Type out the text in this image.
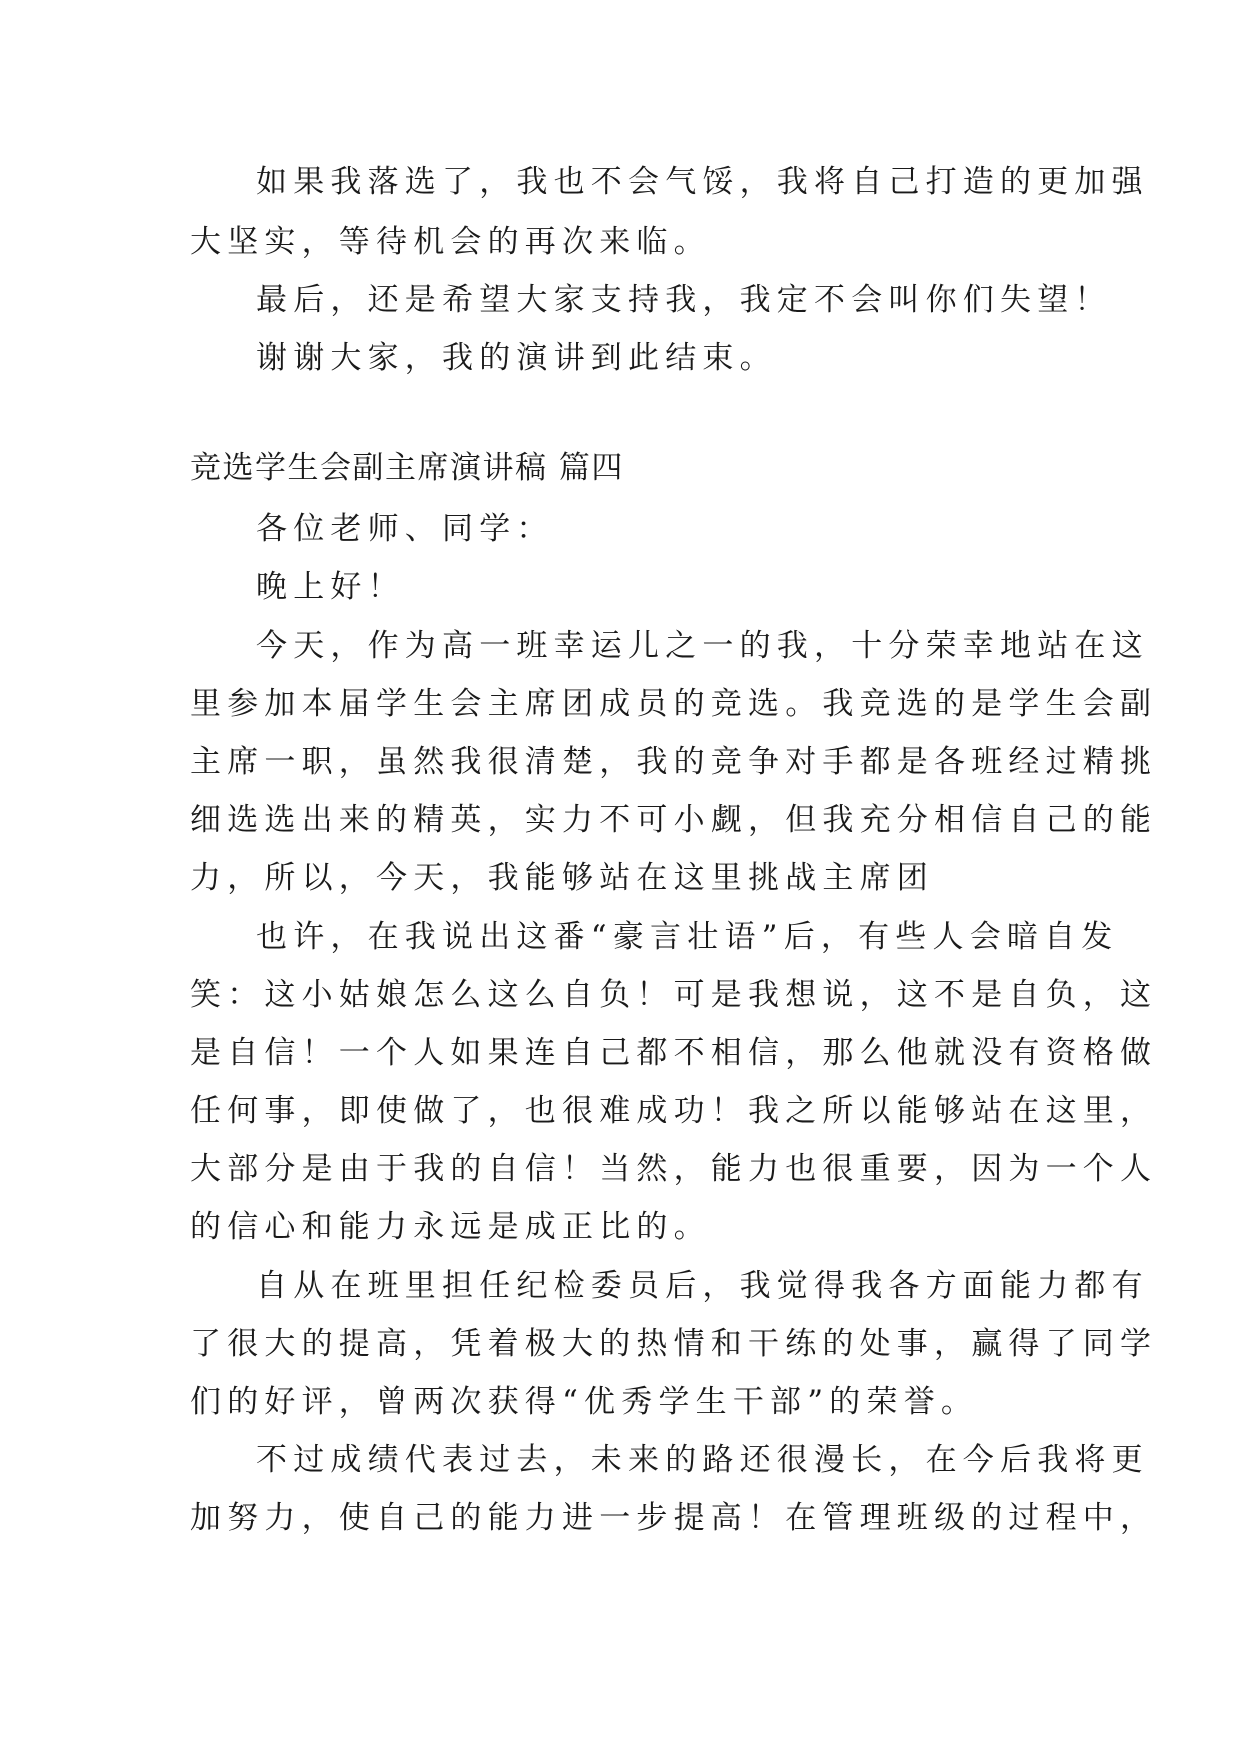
如果我落选了，我也不会气馁，我将自己打造的更加强
大坚实，等待机会的再次来临。
最后，还是希望大家支持我，我定不会叫你们失望！
谢谢大家，我的演讲到此结束。
竞选学生会副主席演讲稿 篇四
各位老师、同学：
晚上好！
今天，作为高一班幸运儿之一的我，十分荣幸地站在这
里参加本届学生会主席团成员的竞选。我竞选的是学生会副
主席一职，虽然我很清楚，我的竞争对手都是各班经过精挑
细选选出来的精英，实力不可小觑，但我充分相信自己的能
力，所以，今天，我能够站在这里挑战主席团
也许，在我说出这番“豪言壮语”后，有些人会暗自发
笑：这小姑娘怎么这么自负！可是我想说，这不是自负，这
是自信！一个人如果连自己都不相信，那么他就没有资格做
任何事，即使做了，也很难成功！我之所以能够站在这里，
大部分是由于我的自信！当然，能力也很重要，因为一个人
的信心和能力永远是成正比的。
自从在班里担任纪检委员后，我觉得我各方面能力都有
了很大的提高，凭着极大的热情和干练的处事，赢得了同学
们的好评，曾两次获得“优秀学生干部”的荣誉。
不过成绩代表过去，未来的路还很漫长，在今后我将更
加努力，使自己的能力进一步提高！在管理班级的过程中，
